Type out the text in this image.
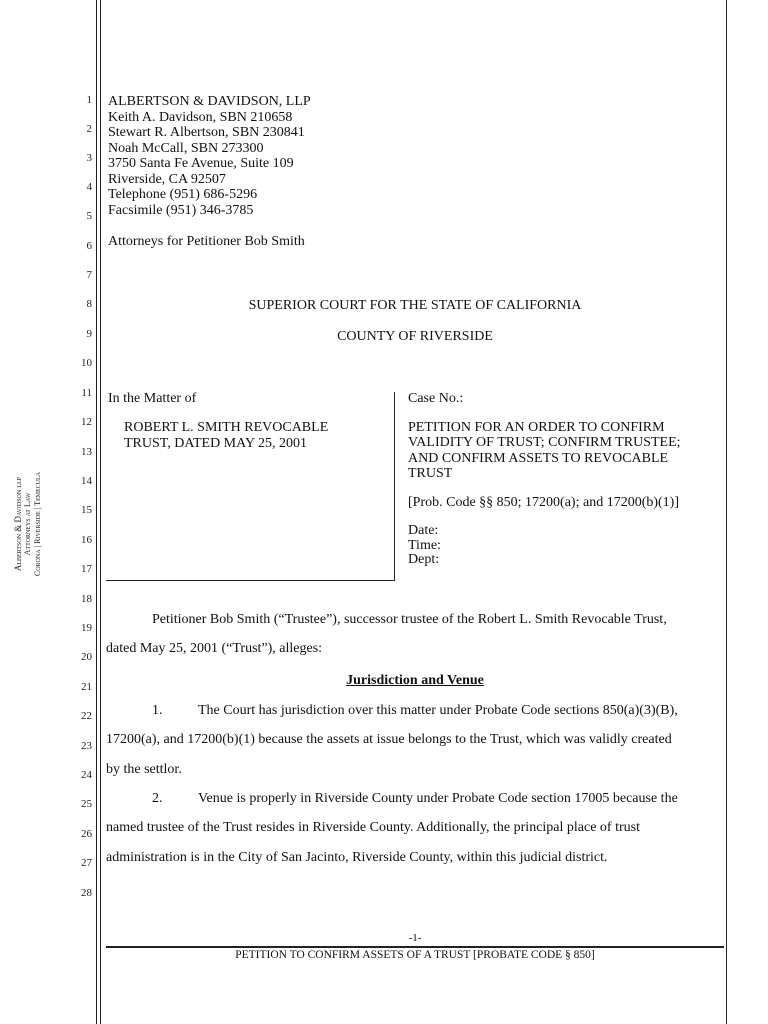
Albertson & Davidson llp Attorneys at Law Corona | Riverside | Temecula
1
2
3
4
5
6
7
8
9
10
11
12
13
14
15
16
17
18
19
20
21
22
23
24
25
26
27
28
ALBERTSON & DAVIDSON, LLP
Keith A. Davidson, SBN 210658
Stewart R. Albertson, SBN 230841
Noah McCall, SBN 273300
3750 Santa Fe Avenue, Suite 109
Riverside, CA 92507
Telephone (951) 686-5296
Facsimile (951) 346-3785
Attorneys for Petitioner Bob Smith
SUPERIOR COURT FOR THE STATE OF CALIFORNIA
COUNTY OF RIVERSIDE
In the Matter of
ROBERT L. SMITH REVOCABLE
TRUST, DATED MAY 25, 2001
Case No.:
PETITION FOR AN ORDER TO CONFIRM
VALIDITY OF TRUST; CONFIRM TRUSTEE;
AND CONFIRM ASSETS TO REVOCABLE
TRUST
[Prob. Code §§ 850; 17200(a); and 17200(b)(1)]
Date:
Time:
Dept:
Petitioner Bob Smith (“Trustee”), successor trustee of the Robert L. Smith Revocable Trust,
dated May 25, 2001 (“Trust”), alleges:
Jurisdiction and Venue
1.	The Court has jurisdiction over this matter under Probate Code sections 850(a)(3)(B),
17200(a), and 17200(b)(1) because the assets at issue belongs to the Trust, which was validly created
by the settlor.
2.	Venue is properly in Riverside County under Probate Code section 17005 because the
named trustee of the Trust resides in Riverside County. Additionally, the principal place of trust
administration is in the City of San Jacinto, Riverside County, within this judicial district.
-1-
PETITION TO CONFIRM ASSETS OF A TRUST [PROBATE CODE § 850]
